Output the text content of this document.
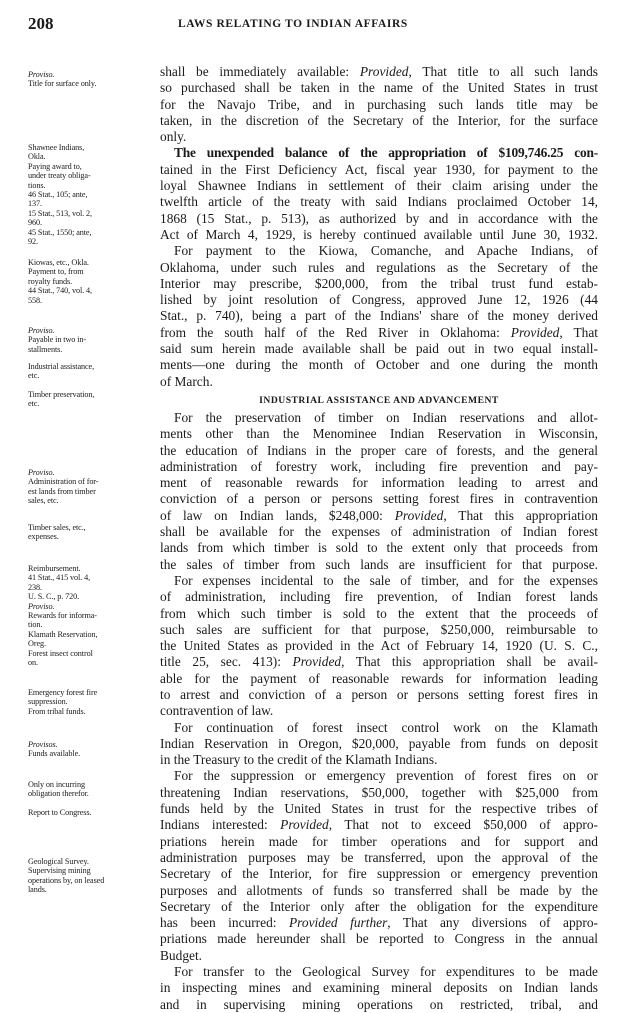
208	LAWS RELATING TO INDIAN AFFAIRS
Proviso.
Title for surface only.
Shawnee Indians,
Okla.
Paying award to,
under treaty obliga-
tions.
46 Stat., 105; ante,
137.
15 Stat., 513, vol. 2,
960.
45 Stat., 1550; ante,
92.
Kiowas, etc., Okla.
Payment to, from
royalty funds.
44 Stat., 740, vol. 4,
558.
Proviso.
Payable in two in-
stallments.
Industrial assistance,
etc.
Timber preservation,
etc.
Proviso.
Administration of for-
est lands from timber
sales, etc.
Timber sales, etc.,
expenses.
Reimbursement.
41 Stat., 415 vol. 4,
238.
U. S. C., p. 720.
Proviso.
Rewards for informa-
tion.
Klamath Reservation,
Oreg.
Forest insect control
on.
Emergency forest fire
suppression.
From tribal funds.
Provisos.
Funds available.
Only on incurring
obligation therefor.
Report to Congress.
Geological Survey.
Supervising mining
operations by, on leased
lands.
shall be immediately available: Provided, That title to all such lands
so purchased shall be taken in the name of the United States in trust
for the Navajo Tribe, and in purchasing such lands title may be
taken, in the discretion of the Secretary of the Interior, for the surface
only.
The unexpended balance of the appropriation of $109,746.25 con-
tained in the First Deficiency Act, fiscal year 1930, for payment to the
loyal Shawnee Indians in settlement of their claim arising under the
twelfth article of the treaty with said Indians proclaimed October 14,
1868 (15 Stat., p. 513), as authorized by and in accordance with the
Act of March 4, 1929, is hereby continued available until June 30, 1932.
For payment to the Kiowa, Comanche, and Apache Indians, of
Oklahoma, under such rules and regulations as the Secretary of the
Interior may prescribe, $200,000, from the tribal trust fund estab-
lished by joint resolution of Congress, approved June 12, 1926 (44
Stat., p. 740), being a part of the Indians' share of the money derived
from the south half of the Red River in Oklahoma: Provided, That
said sum herein made available shall be paid out in two equal install-
ments—one during the month of October and one during the month
of March.
INDUSTRIAL ASSISTANCE AND ADVANCEMENT
For the preservation of timber on Indian reservations and allot-
ments other than the Menominee Indian Reservation in Wisconsin,
the education of Indians in the proper care of forests, and the general
administration of forestry work, including fire prevention and pay-
ment of reasonable rewards for information leading to arrest and
conviction of a person or persons setting forest fires in contravention
of law on Indian lands, $248,000: Provided, That this appropriation
shall be available for the expenses of administration of Indian forest
lands from which timber is sold to the extent only that proceeds from
the sales of timber from such lands are insufficient for that purpose.
For expenses incidental to the sale of timber, and for the expenses
of administration, including fire prevention, of Indian forest lands
from which such timber is sold to the extent that the proceeds of
such sales are sufficient for that purpose, $250,000, reimbursable to
the United States as provided in the Act of February 14, 1920 (U. S. C.,
title 25, sec. 413): Provided, That this appropriation shall be avail-
able for the payment of reasonable rewards for information leading
to arrest and conviction of a person or persons setting forest fires in
contravention of law.
For continuation of forest insect control work on the Klamath
Indian Reservation in Oregon, $20,000, payable from funds on deposit
in the Treasury to the credit of the Klamath Indians.
For the suppression or emergency prevention of forest fires on or
threatening Indian reservations, $50,000, together with $25,000 from
funds held by the United States in trust for the respective tribes of
Indians interested: Provided, That not to exceed $50,000 of appro-
priations herein made for timber operations and for support and
administration purposes may be transferred, upon the approval of the
Secretary of the Interior, for fire suppression or emergency prevention
purposes and allotments of funds so transferred shall be made by the
Secretary of the Interior only after the obligation for the expenditure
has been incurred: Provided further, That any diversions of appro-
priations made hereunder shall be reported to Congress in the annual
Budget.
For transfer to the Geological Survey for expenditures to be made
in inspecting mines and examining mineral deposits on Indian lands
and in supervising mining operations on restricted, tribal, and
